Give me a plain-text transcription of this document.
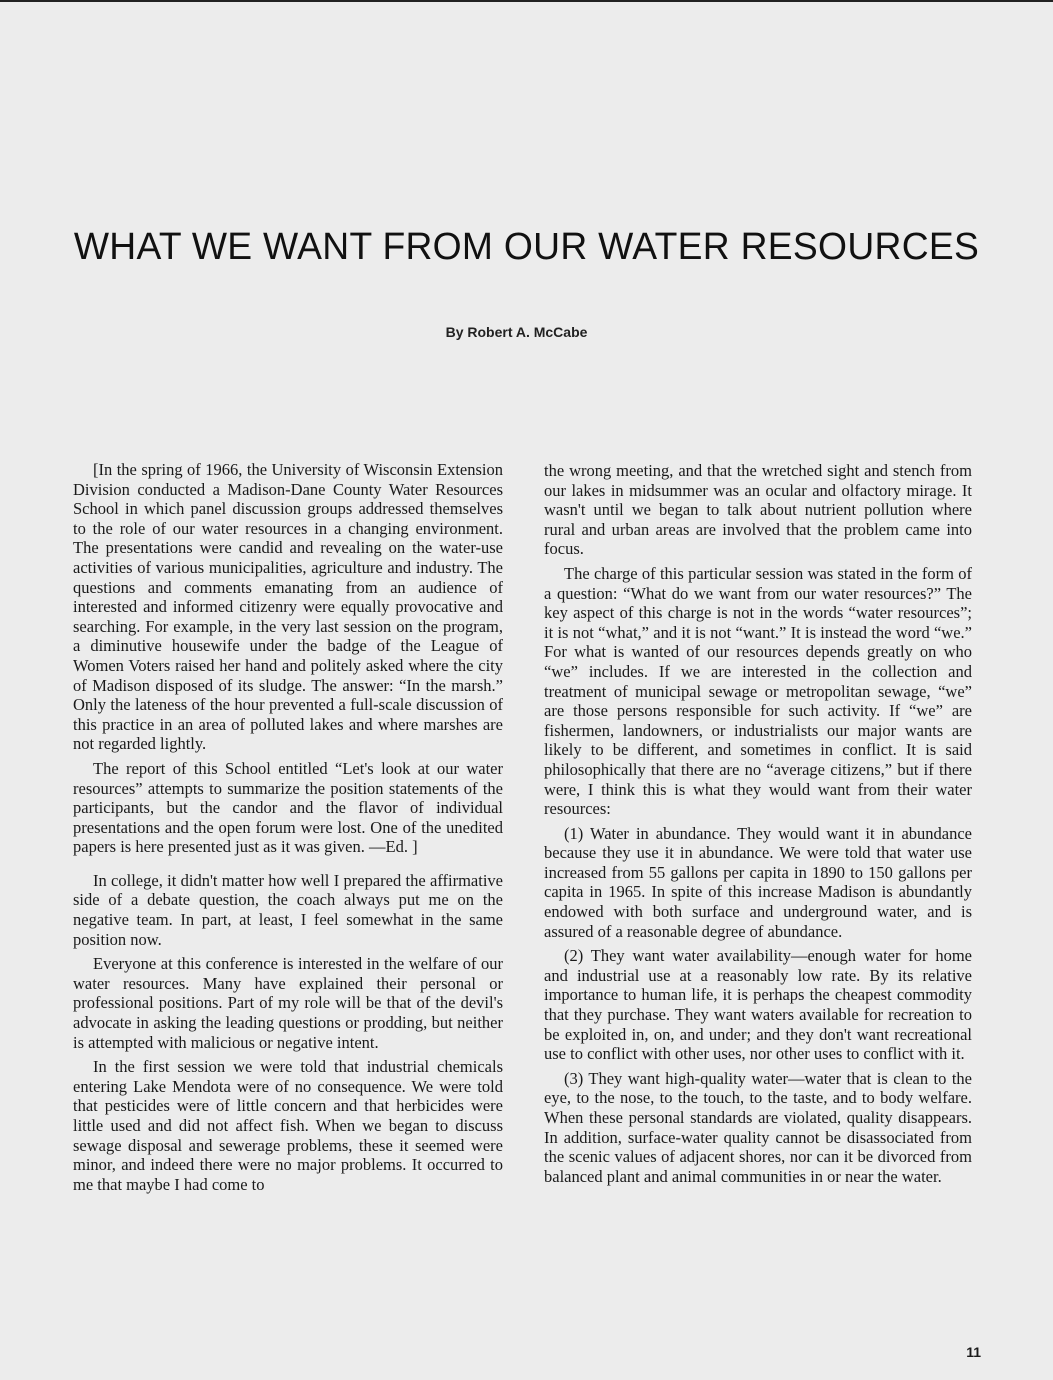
WHAT WE WANT FROM OUR WATER RESOURCES
By Robert A. McCabe

[In the spring of 1966, the University of Wisconsin Extension Division conducted a Madison-Dane County Water Resources School in which panel discussion groups addressed themselves to the role of our water resources in a changing environment. The presentations were candid and revealing on the water-use activities of various municipalities, agriculture and industry. The questions and comments emanating from an audience of interested and informed citizenry were equally provocative and searching. For example, in the very last session on the program, a diminutive housewife under the badge of the League of Women Voters raised her hand and politely asked where the city of Madison disposed of its sludge. The answer: “In the marsh.” Only the lateness of the hour prevented a full-scale discussion of this practice in an area of polluted lakes and where marshes are not regarded lightly.

The report of this School entitled “Let's look at our water resources” attempts to summarize the position statements of the participants, but the candor and the flavor of individual presentations and the open forum were lost. One of the unedited papers is here presented just as it was given. —Ed. ]

In college, it didn't matter how well I prepared the affirmative side of a debate question, the coach always put me on the negative team. In part, at least, I feel somewhat in the same position now.

Everyone at this conference is interested in the welfare of our water resources. Many have explained their personal or professional positions. Part of my role will be that of the devil's advocate in asking the leading questions or prodding, but neither is attempted with malicious or negative intent.

In the first session we were told that industrial chemicals entering Lake Mendota were of no consequence. We were told that pesticides were of little concern and that herbicides were little used and did not affect fish. When we began to discuss sewage disposal and sewerage problems, these it seemed were minor, and indeed there were no major problems. It occurred to me that maybe I had come to

the wrong meeting, and that the wretched sight and stench from our lakes in midsummer was an ocular and olfactory mirage. It wasn't until we began to talk about nutrient pollution where rural and urban areas are involved that the problem came into focus.

The charge of this particular session was stated in the form of a question: “What do we want from our water resources?” The key aspect of this charge is not in the words “water resources”; it is not “what,” and it is not “want.” It is instead the word “we.” For what is wanted of our resources depends greatly on who “we” includes. If we are interested in the collection and treatment of municipal sewage or metropolitan sewage, “we” are those persons responsible for such activity. If “we” are fishermen, landowners, or industrialists our major wants are likely to be different, and sometimes in conflict. It is said philosophically that there are no “average citizens,” but if there were, I think this is what they would want from their water resources:

(1) Water in abundance. They would want it in abundance because they use it in abundance. We were told that water use increased from 55 gallons per capita in 1890 to 150 gallons per capita in 1965. In spite of this increase Madison is abundantly endowed with both surface and underground water, and is assured of a reasonable degree of abundance.

(2) They want water availability—enough water for home and industrial use at a reasonably low rate. By its relative importance to human life, it is perhaps the cheapest commodity that they purchase. They want waters available for recreation to be exploited in, on, and under; and they don't want recreational use to conflict with other uses, nor other uses to conflict with it.

(3) They want high-quality water—water that is clean to the eye, to the nose, to the touch, to the taste, and to body welfare. When these personal standards are violated, quality disappears. In addition, surface-water quality cannot be disassociated from the scenic values of adjacent shores, nor can it be divorced from balanced plant and animal communities in or near the water.

11
